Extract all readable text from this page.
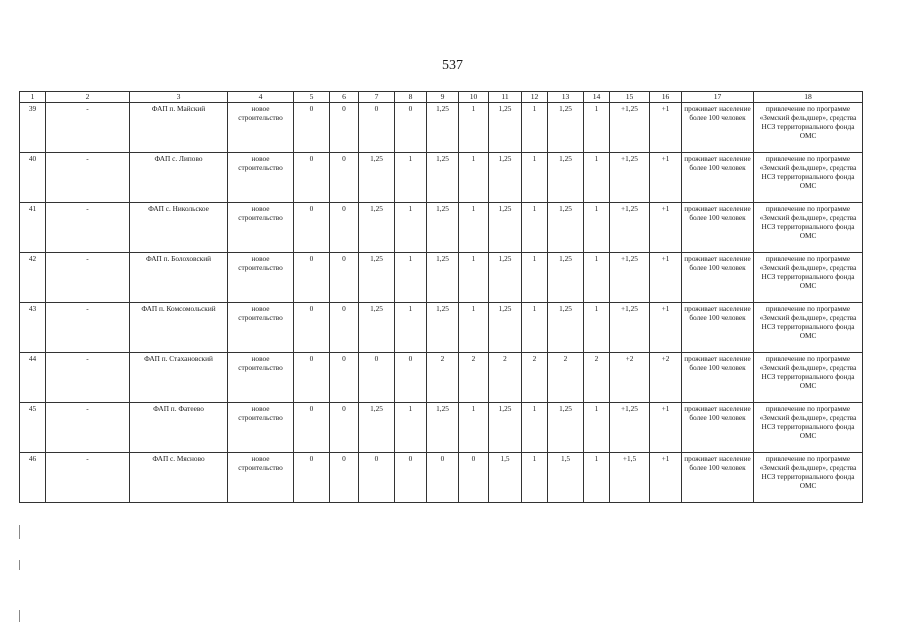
537
1	2	3	4	5	6	7	8	9	10	11	12	13	14	15	16	17	18
39	-	ФАП п. Майский	новое строительство	0	0	0	0	1,25	1	1,25	1	1,25	1	+1,25	+1	проживает население более 100 человек	привлечение по программе «Земский фельдшер», средства НСЗ территориального фонда ОМС
40	-	ФАП с. Липово	новое строительство	0	0	1,25	1	1,25	1	1,25	1	1,25	1	+1,25	+1	проживает население более 100 человек	привлечение по программе «Земский фельдшер», средства НСЗ территориального фонда ОМС
41	-	ФАП с. Никольское	новое строительство	0	0	1,25	1	1,25	1	1,25	1	1,25	1	+1,25	+1	проживает население более 100 человек	привлечение по программе «Земский фельдшер», средства НСЗ территориального фонда ОМС
42	-	ФАП п. Болоховский	новое строительство	0	0	1,25	1	1,25	1	1,25	1	1,25	1	+1,25	+1	проживает население более 100 человек	привлечение по программе «Земский фельдшер», средства НСЗ территориального фонда ОМС
43	-	ФАП п. Комсомольский	новое строительство	0	0	1,25	1	1,25	1	1,25	1	1,25	1	+1,25	+1	проживает население более 100 человек	привлечение по программе «Земский фельдшер», средства НСЗ территориального фонда ОМС
44	-	ФАП п. Стахановский	новое строительство	0	0	0	0	2	2	2	2	2	2	+2	+2	проживает население более 100 человек	привлечение по программе «Земский фельдшер», средства НСЗ территориального фонда ОМС
45	-	ФАП п. Фатеево	новое строительство	0	0	1,25	1	1,25	1	1,25	1	1,25	1	+1,25	+1	проживает население более 100 человек	привлечение по программе «Земский фельдшер», средства НСЗ территориального фонда ОМС
46	-	ФАП с. Мясново	новое строительство	0	0	0	0	0	0	1,5	1	1,5	1	+1,5	+1	проживает население более 100 человек	привлечение по программе «Земский фельдшер», средства НСЗ территориального фонда ОМС
